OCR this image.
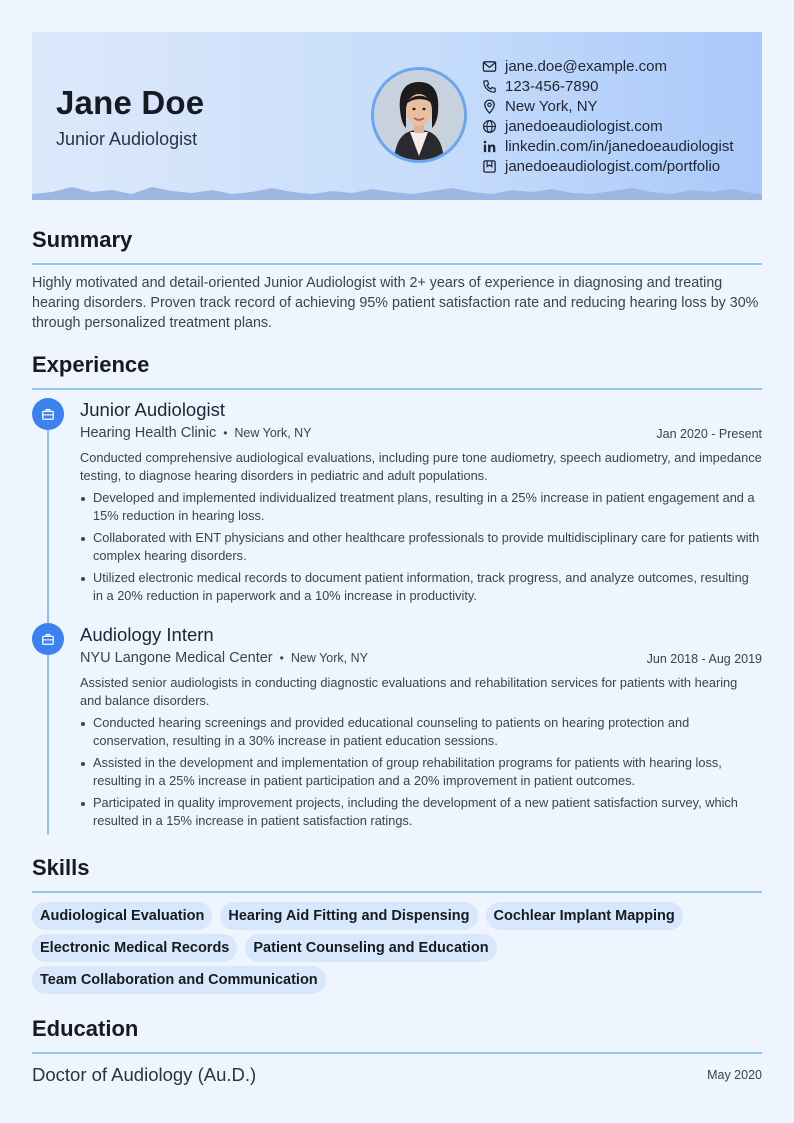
Jane Doe
Junior Audiologist
jane.doe@example.com
123-456-7890
New York, NY
janedoeaudiologist.com
linkedin.com/in/janedoeaudiologist
janedoeaudiologist.com/portfolio
Summary
Highly motivated and detail-oriented Junior Audiologist with 2+ years of experience in diagnosing and treating hearing disorders. Proven track record of achieving 95% patient satisfaction rate and reducing hearing loss by 30% through personalized treatment plans.
Experience
Junior Audiologist
Hearing Health Clinic • New York, NY	Jan 2020 - Present
Conducted comprehensive audiological evaluations, including pure tone audiometry, speech audiometry, and impedance testing, to diagnose hearing disorders in pediatric and adult populations.
Developed and implemented individualized treatment plans, resulting in a 25% increase in patient engagement and a 15% reduction in hearing loss.
Collaborated with ENT physicians and other healthcare professionals to provide multidisciplinary care for patients with complex hearing disorders.
Utilized electronic medical records to document patient information, track progress, and analyze outcomes, resulting in a 20% reduction in paperwork and a 10% increase in productivity.
Audiology Intern
NYU Langone Medical Center • New York, NY	Jun 2018 - Aug 2019
Assisted senior audiologists in conducting diagnostic evaluations and rehabilitation services for patients with hearing and balance disorders.
Conducted hearing screenings and provided educational counseling to patients on hearing protection and conservation, resulting in a 30% increase in patient education sessions.
Assisted in the development and implementation of group rehabilitation programs for patients with hearing loss, resulting in a 25% increase in patient participation and a 20% improvement in patient outcomes.
Participated in quality improvement projects, including the development of a new patient satisfaction survey, which resulted in a 15% increase in patient satisfaction ratings.
Skills
Audiological Evaluation	Hearing Aid Fitting and Dispensing	Cochlear Implant Mapping
Electronic Medical Records	Patient Counseling and Education
Team Collaboration and Communication
Education
Doctor of Audiology (Au.D.)	May 2020
